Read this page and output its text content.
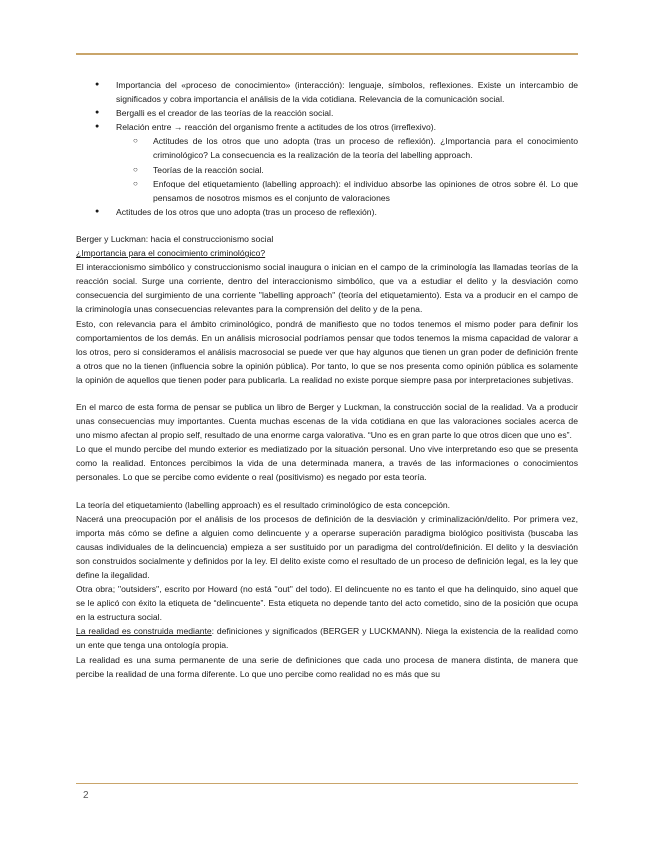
● Importancia del «proceso de conocimiento» (interacción): lenguaje, símbolos, reflexiones. Existe un intercambio de significados y cobra importancia el análisis de la vida cotidiana. Relevancia de la comunicación social.
● Bergalli es el creador de las teorías de la reacción social.
● Relación entre → reacción del organismo frente a actitudes de los otros (irreflexivo).
○ Actitudes de los otros que uno adopta (tras un proceso de reflexión). ¿Importancia para el conocimiento criminológico? La consecuencia es la realización de la teoría del labelling approach.
○ Teorías de la reacción social.
○ Enfoque del etiquetamiento (labelling approach): el individuo absorbe las opiniones de otros sobre él. Lo que pensamos de nosotros mismos es el conjunto de valoraciones
● Actitudes de los otros que uno adopta (tras un proceso de reflexión).

Berger y Luckman: hacia el construccionismo social

¿Importancia para el conocimiento criminológico?

El interaccionismo simbólico y construccionismo social inaugura o inician en el campo de la criminología las llamadas teorías de la reacción social. Surge una corriente, dentro del interaccionismo simbólico, que va a estudiar el delito y la desviación como consecuencia del surgimiento de una corriente ''labelling approach'' (teoría del etiquetamiento). Esta va a producir en el campo de la criminología unas consecuencias relevantes para la comprensión del delito y de la pena.

Esto, con relevancia para el ámbito criminológico, pondrá de manifiesto que no todos tenemos el mismo poder para definir los comportamientos de los demás. En un análisis microsocial podríamos pensar que todos tenemos la misma capacidad de valorar a los otros, pero si consideramos el análisis macrosocial se puede ver que hay algunos que tienen un gran poder de definición frente a otros que no la tienen (influencia sobre la opinión pública). Por tanto, lo que se nos presenta como opinión pública es solamente la opinión de aquellos que tienen poder para publicarla. La realidad no existe porque siempre pasa por interpretaciones subjetivas.

En el marco de esta forma de pensar se publica un libro de Berger y Luckman, la construcción social de la realidad. Va a producir unas consecuencias muy importantes. Cuenta muchas escenas de la vida cotidiana en que las valoraciones sociales acerca de uno mismo afectan al propio self, resultado de una enorme carga valorativa. “Uno es en gran parte lo que otros dicen que uno es”.

Lo que el mundo percibe del mundo exterior es mediatizado por la situación personal. Uno vive interpretando eso que se presenta como la realidad. Entonces percibimos la vida de una determinada manera, a través de las informaciones o conocimientos personales. Lo que se percibe como evidente o real (positivismo) es negado por esta teoría.

La teoría del etiquetamiento (labelling approach) es el resultado criminológico de esta concepción.

Nacerá una preocupación por el análisis de los procesos de definición de la desviación y criminalización/delito. Por primera vez, importa más cómo se define a alguien como delincuente y a operarse superación paradigma biológico positivista (buscaba las causas individuales de la delincuencia) empieza a ser sustituido por un paradigma del control/definición. El delito y la desviación son construidos socialmente y definidos por la ley. El delito existe como el resultado de un proceso de definición legal, es la ley que define la ilegalidad.

Otra obra; ''outsiders'', escrito por Howard (no está ''out'' del todo). El delincuente no es tanto el que ha delinquido, sino aquel que se le aplicó con éxito la etiqueta de “delincuente”. Esta etiqueta no depende tanto del acto cometido, sino de la posición que ocupa en la estructura social.

La realidad es construida mediante: definiciones y significados (BERGER y LUCKMANN). Niega la existencia de la realidad como un ente que tenga una ontología propia.

La realidad es una suma permanente de una serie de definiciones que cada uno procesa de manera distinta, de manera que percibe la realidad de una forma diferente. Lo que uno percibe como realidad no es más que su

2
